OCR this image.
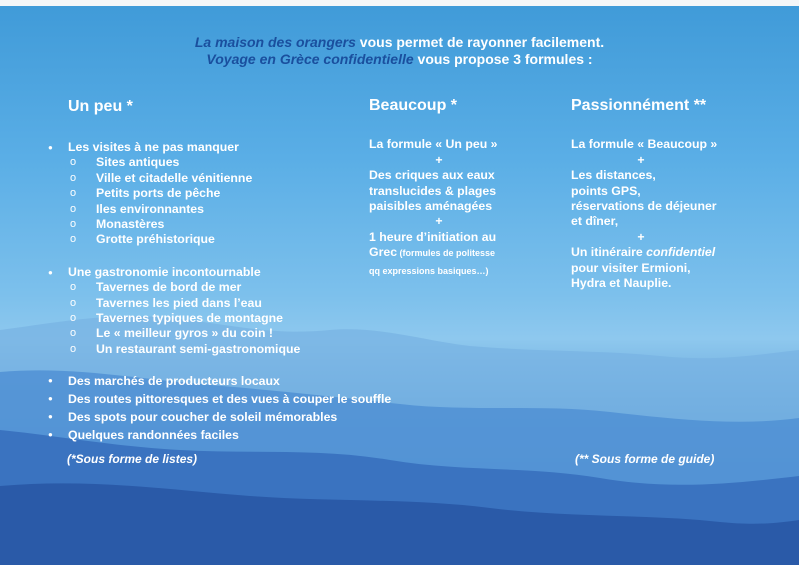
La maison des orangers vous permet de rayonner facilement.
Voyage en Grèce confidentielle vous propose 3 formules :
Un peu *
● Les visites à ne pas manquer
o Sites antiques
o Ville et citadelle vénitienne
o Petits ports de pêche
o Iles environnantes
o Monastères
o Grotte préhistorique
● Une gastronomie incontournable
o Tavernes de bord de mer
o Tavernes les pied dans l’eau
o Tavernes typiques de montagne
o Le « meilleur gyros » du coin !
o Un restaurant semi-gastronomique
● Des marchés de producteurs locaux
● Des routes pittoresques et des vues à couper le souffle
● Des spots pour coucher de soleil mémorables
● Quelques randonnées faciles
(*Sous forme de listes)
Beaucoup *
La formule « Un peu »
+
Des criques aux eaux
translucides & plages
paisibles aménagées
+
1 heure d’initiation au
Grec (formules de politesse
qq expressions basiques…)
Passionnément **
La formule « Beaucoup »
+
Les distances,
points GPS,
réservations de déjeuner
et dîner,
+
Un itinéraire confidentiel
pour visiter Ermioni,
Hydra et Nauplie.
(** Sous forme de guide)
